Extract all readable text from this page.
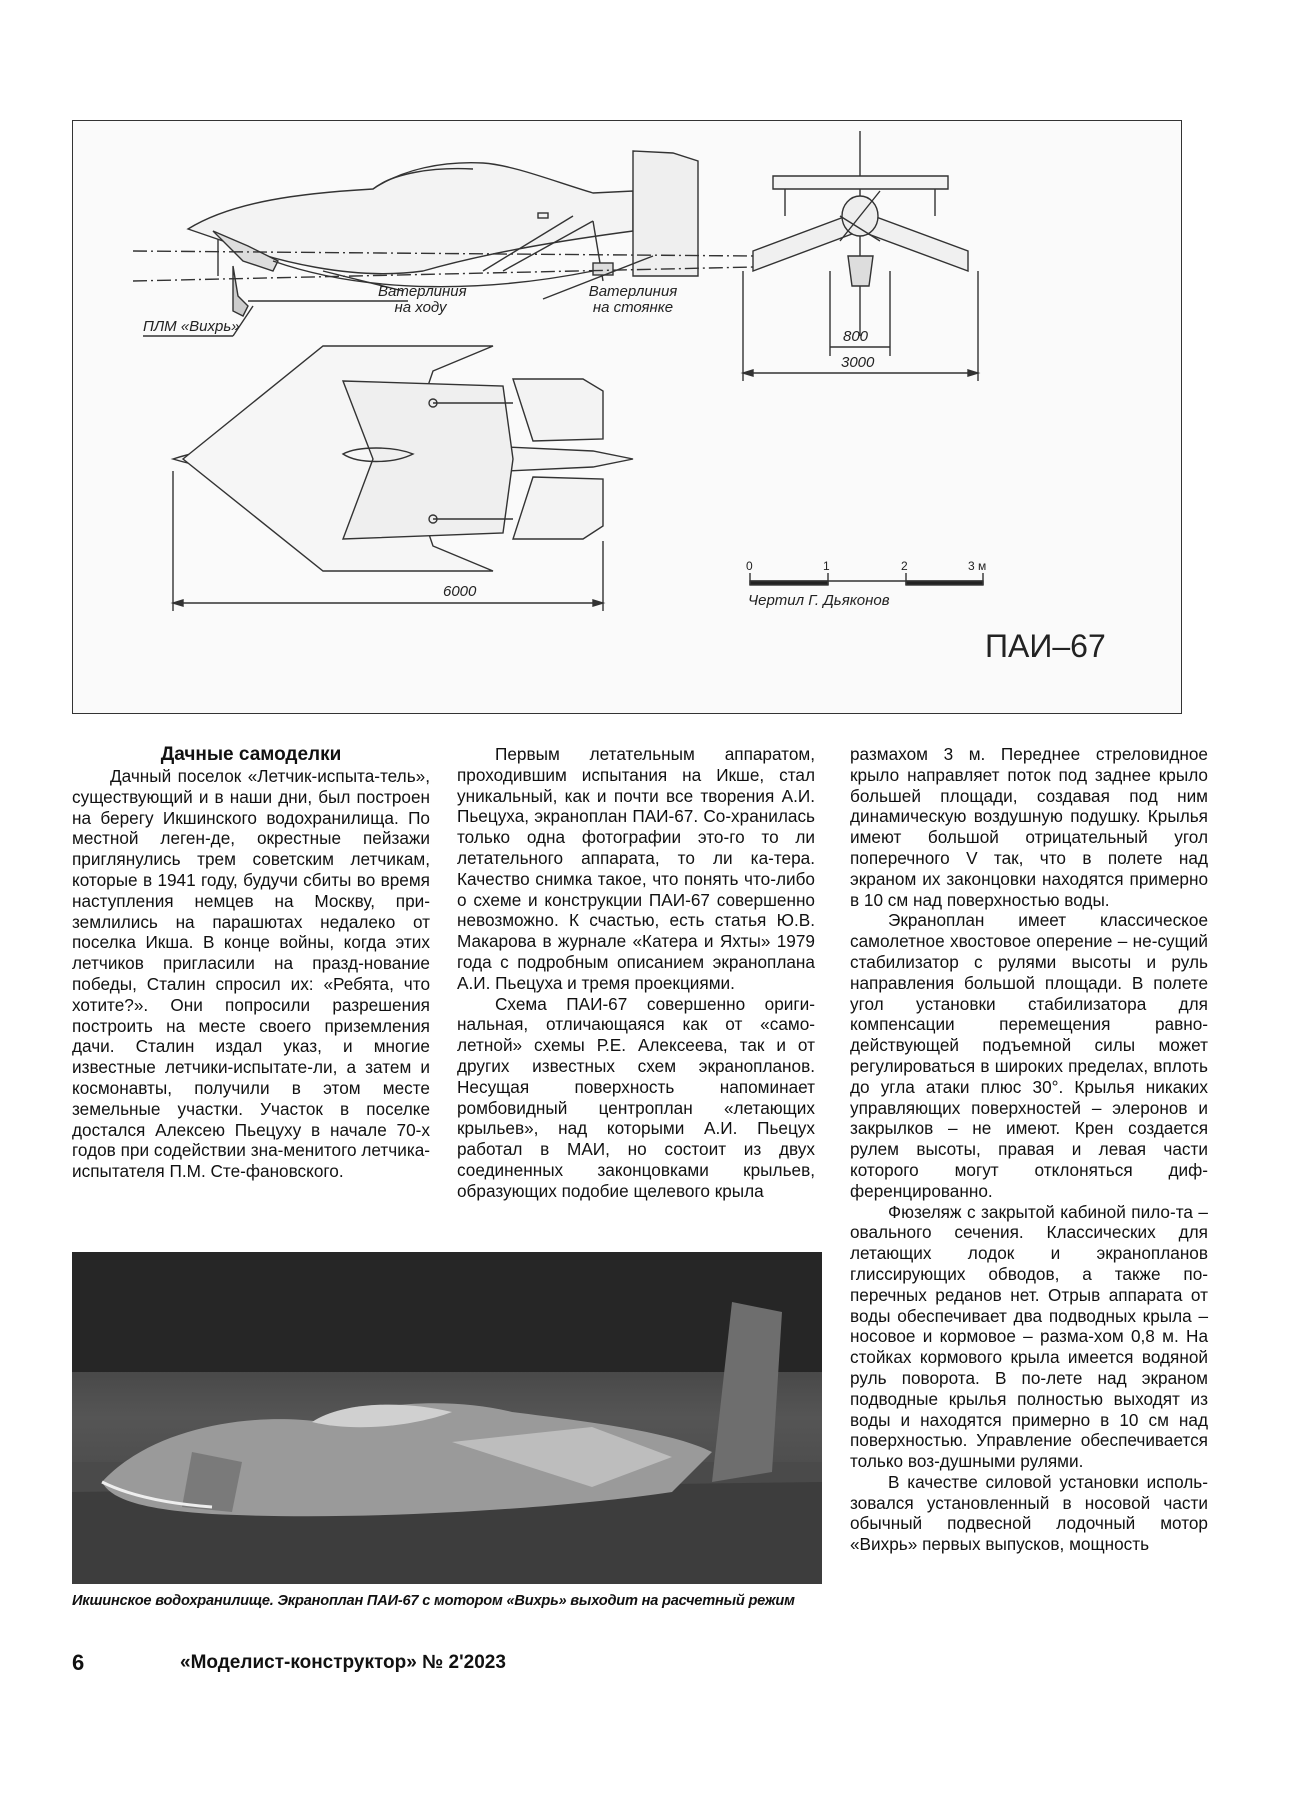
Ватерлиния
на ходу
Ватерлиния
на стоянке
ПЛМ «Вихрь»
6000
800
3000
ПАИ–67
0	1	2	3 м
Чертил Г. Дьяконов
Дачные самоделки

Дачный поселок «Летчик-испыта-тель», существующий и в наши дни, был построен на берегу Икшинского водохранилища. По местной леген-де, окрестные пейзажи приглянулись трем советским летчикам, которые в 1941 году, будучи сбиты во время наступления немцев на Москву, при-землились на парашютах недалеко от поселка Икша. В конце войны, когда этих летчиков пригласили на празд-нование победы, Сталин спросил их: «Ребята, что хотите?». Они попросили разрешения построить на месте своего приземления дачи. Сталин издал указ, и многие известные летчики-испытате-ли, а затем и космонавты, получили в этом месте земельные участки. Участок в поселке достался Алексею Пьецуху в начале 70-х годов при содействии зна-менитого летчика-испытателя П.М. Сте-фановского.

Первым летательным аппаратом, проходившим испытания на Икше, стал уникальный, как и почти все творения А.И. Пьецуха, экраноплан ПАИ-67. Со-хранилась только одна фотографии это-го то ли летательного аппарата, то ли ка-тера. Качество снимка такое, что понять что-либо о схеме и конструкции ПАИ-67 совершенно невозможно. К счастью, есть статья Ю.В. Макарова в журнале «Катера и Яхты» 1979 года с подробным описанием экраноплана А.И. Пьецуха и тремя проекциями.

Схема ПАИ-67 совершенно ориги-нальная, отличающаяся как от «само-летной» схемы Р.Е. Алексеева, так и от других известных схем экранопланов. Несущая поверхность напоминает ромбовидный центроплан «летающих крыльев», над которыми А.И. Пьецух работал в МАИ, но состоит из двух соединенных законцовками крыльев, образующих подобие щелевого крыла

размахом 3 м. Переднее стреловидное крыло направляет поток под заднее крыло большей площади, создавая под ним динамическую воздушную подушку. Крылья имеют большой отрицательный угол поперечного V так, что в полете над экраном их законцовки находятся примерно в 10 см над поверхностью воды.

Экраноплан имеет классическое самолетное хвостовое оперение – не-сущий стабилизатор с рулями высоты и руль направления большой площади. В полете угол установки стабилизатора для компенсации перемещения равно-действующей подъемной силы может регулироваться в широких пределах, вплоть до угла атаки плюс 30°. Крылья никаких управляющих поверхностей – элеронов и закрылков – не имеют. Крен создается рулем высоты, правая и левая части которого могут отклоняться диф-ференцированно.

Фюзеляж с закрытой кабиной пило-та – овального сечения. Классических для летающих лодок и экранопланов глиссирующих обводов, а также по-перечных реданов нет. Отрыв аппарата от воды обеспечивает два подводных крыла – носовое и кормовое – разма-хом 0,8 м. На стойках кормового крыла имеется водяной руль поворота. В по-лете над экраном подводные крылья полностью выходят из воды и находятся примерно в 10 см над поверхностью. Управление обеспечивается только воз-душными рулями.

В качестве силовой установки исполь-зовался установленный в носовой части обычный подвесной лодочный мотор «Вихрь» первых выпусков, мощность

Икшинское водохранилище. Экраноплан ПАИ-67 с мотором «Вихрь» выходит на расчетный режим
6	«Моделист-конструктор» № 2'2023
